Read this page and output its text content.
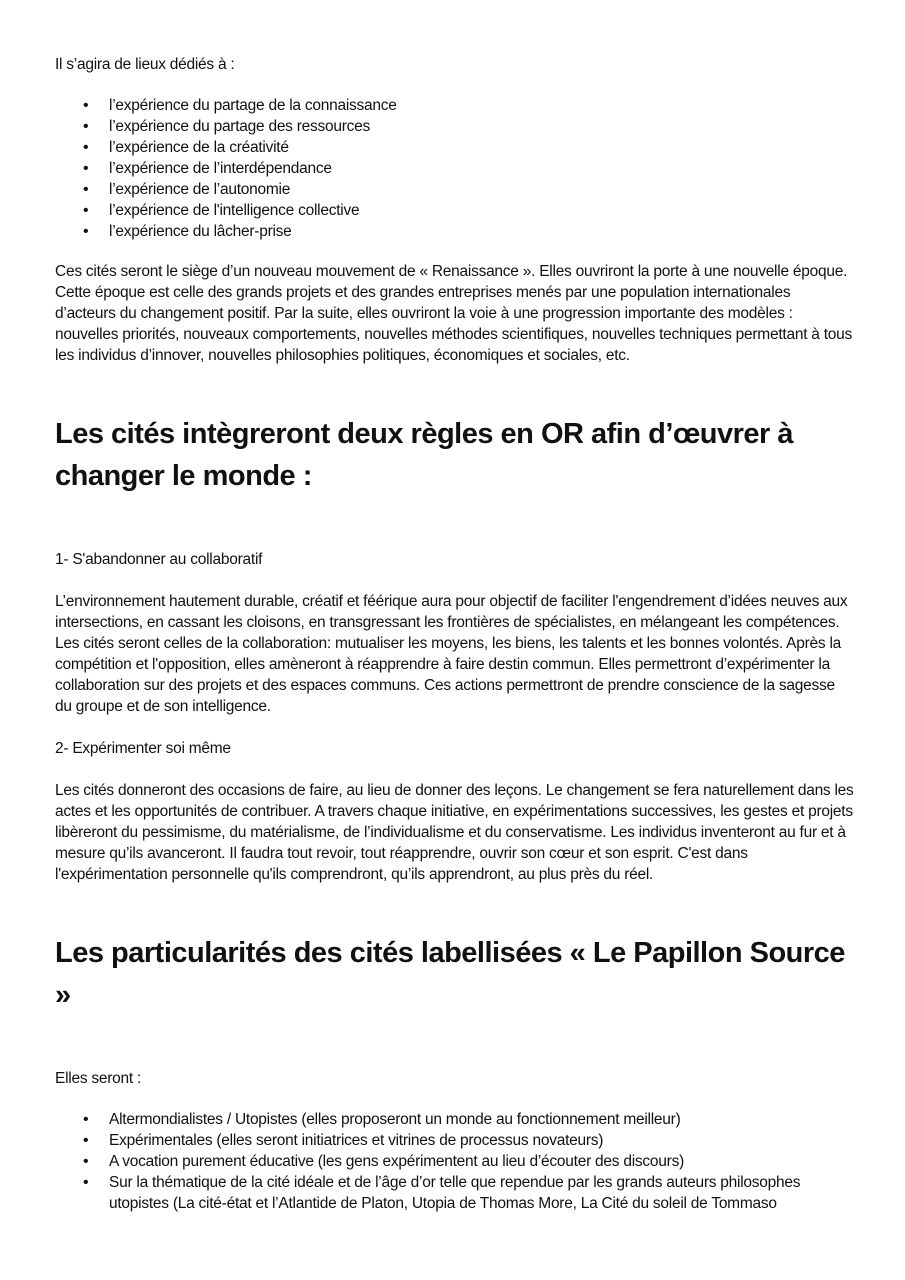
Il s’agira de lieux dédiés à :

• l’expérience du partage de la connaissance
• l’expérience du partage des ressources
• l’expérience de la créativité
• l’expérience de l’interdépendance
• l’expérience de l’autonomie
• l’expérience de l'intelligence collective
• l’expérience du lâcher-prise

Ces cités seront le siège d’un nouveau mouvement de « Renaissance ». Elles ouvriront la porte à une nouvelle époque. Cette époque est celle des grands projets et des grandes entreprises menés par une population internationales d’acteurs du changement positif. Par la suite, elles ouvriront la voie à une progression importante des modèles : nouvelles priorités, nouveaux comportements, nouvelles méthodes scientifiques, nouvelles techniques permettant à tous les individus d’innover, nouvelles philosophies politiques, économiques et sociales, etc.

Les cités intègreront deux règles en OR afin d’œuvrer à changer le monde :

1- S'abandonner au collaboratif

L’environnement hautement durable, créatif et féérique aura pour objectif de faciliter l'engendrement d’idées neuves aux intersections, en cassant les cloisons, en transgressant les frontières de spécialistes, en mélangeant les compétences. Les cités seront celles de la collaboration: mutualiser les moyens, les biens, les talents et les bonnes volontés. Après la compétition et l'opposition, elles amèneront à réapprendre à faire destin commun. Elles permettront d’expérimenter la collaboration sur des projets et des espaces communs. Ces actions permettront de prendre conscience de la sagesse du groupe et de son intelligence.

2- Expérimenter soi même

Les cités donneront des occasions de faire, au lieu de donner des leçons. Le changement se fera naturellement dans les actes et les opportunités de contribuer. A travers chaque initiative, en expérimentations successives, les gestes et projets libèreront du pessimisme, du matérialisme, de l’individualisme et du conservatisme. Les individus inventeront au fur et à mesure qu’ils avanceront. Il faudra tout revoir, tout réapprendre, ouvrir son cœur et son esprit. C'est dans l'expérimentation personnelle qu'ils comprendront, qu’ils apprendront, au plus près du réel.

Les particularités des cités labellisées « Le Papillon Source »

Elles seront :

• Altermondialistes / Utopistes (elles proposeront un monde au fonctionnement meilleur)
• Expérimentales (elles seront initiatrices et vitrines de processus novateurs)
• A vocation purement éducative (les gens expérimentent au lieu d’écouter des discours)
• Sur la thématique de la cité idéale et de l’âge d’or telle que rependue par les grands auteurs philosophes utopistes (La cité-état et l’Atlantide de Platon, Utopia de Thomas More, La Cité du soleil de Tommaso
